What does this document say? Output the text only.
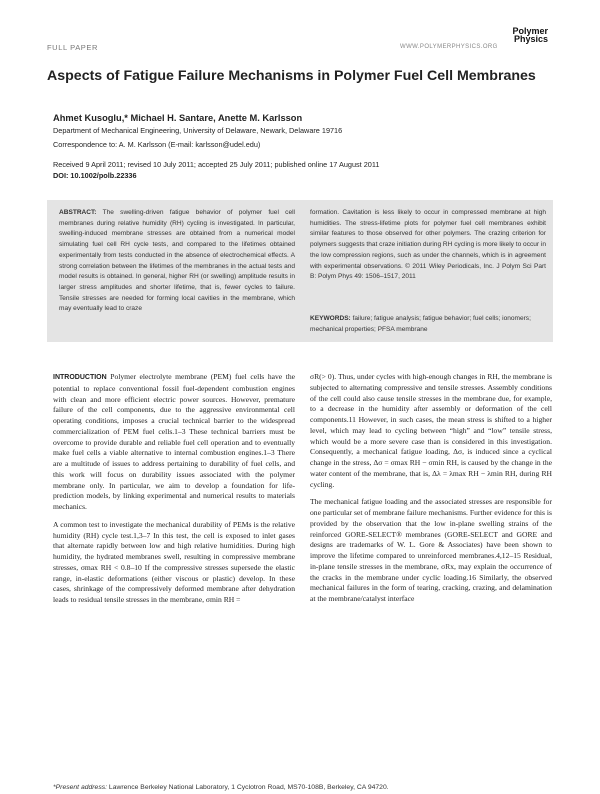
FULL PAPER	WWW.POLYMERPHYSICS.ORG
Polymer
Physics
Aspects of Fatigue Failure Mechanisms in Polymer Fuel Cell Membranes
Ahmet Kusoglu,* Michael H. Santare, Anette M. Karlsson
Department of Mechanical Engineering, University of Delaware, Newark, Delaware 19716
Correspondence to: A. M. Karlsson (E-mail: karlsson@udel.edu)
Received 9 April 2011; revised 10 July 2011; accepted 25 July 2011; published online 17 August 2011
DOI: 10.1002/polb.22336
ABSTRACT: The swelling-driven fatigue behavior of polymer fuel cell membranes during relative humidity (RH) cycling is investigated. In particular, swelling-induced membrane stresses are obtained from a numerical model simulating fuel cell RH cycle tests, and compared to the lifetimes obtained experimentally from tests conducted in the absence of electrochemical effects. A strong correlation between the lifetimes of the membranes in the actual tests and model results is obtained. In general, higher RH (or swelling) amplitude results in larger stress amplitudes and shorter lifetime, that is, fewer cycles to failure. Tensile stresses are needed for forming local cavities in the membrane, which may eventually lead to craze
formation. Cavitation is less likely to occur in compressed membrane at high humidities. The stress-lifetime plots for polymer fuel cell membranes exhibit similar features to those observed for other polymers. The crazing criterion for polymers suggests that craze initiation during RH cycling is more likely to occur in the low compression regions, such as under the channels, which is in agreement with experimental observations. © 2011 Wiley Periodicals, Inc. J Polym Sci Part B: Polym Phys 49: 1506–1517, 2011
KEYWORDS: failure; fatigue analysis; fatigue behavior; fuel cells; ionomers; mechanical properties; PFSA membrane

INTRODUCTION Polymer electrolyte membrane (PEM) fuel cells have the potential to replace conventional fossil fuel-dependent combustion engines with clean and more efficient electric power sources. However, premature failure of the cell components, due to the aggressive environmental cell operating conditions, imposes a crucial technical barrier to the widespread commercialization of PEM fuel cells.1–3 These technical barriers must be overcome to provide durable and reliable fuel cell operation and to eventually make fuel cells a viable alternative to internal combustion engines.1–3 There are a multitude of issues to address pertaining to durability of fuel cells, and this work will focus on durability issues associated with the polymer membrane only. In particular, we aim to develop a foundation for life-prediction models, by linking experimental and numerical results to materials mechanics.

A common test to investigate the mechanical durability of PEMs is the relative humidity (RH) cycle test.1,3–7 In this test, the cell is exposed to inlet gases that alternate rapidly between low and high relative humidities. During high humidity, the hydrated membranes swell, resulting in compressive membrane stresses, σmax RH < 0.8–10 If the compressive stresses supersede the elastic range, in-elastic deformations (either viscous or plastic) develop. In these cases, shrinkage of the compressively deformed membrane after dehydration leads to residual tensile stresses in the membrane, σmin RH =

σR(> 0). Thus, under cycles with high-enough changes in RH, the membrane is subjected to alternating compressive and tensile stresses. Assembly conditions of the cell could also cause tensile stresses in the membrane due, for example, to a decrease in the humidity after assembly or deformation of the cell components.11 However, in such cases, the mean stress is shifted to a higher level, which may lead to cycling between “high” and “low” tensile stress, which would be a more severe case than is considered in this investigation. Consequently, a mechanical fatigue loading, Δσ, is induced since a cyclical change in the stress, Δσ = σmax RH − σmin RH, is caused by the change in the water content of the membrane, that is, Δλ = λmax RH − λmin RH, during RH cycling.

The mechanical fatigue loading and the associated stresses are responsible for one particular set of membrane failure mechanisms. Further evidence for this is provided by the observation that the low in-plane swelling strains of the reinforced GORE-SELECT® membranes (GORE-SELECT and GORE and designs are trademarks of W. L. Gore & Associates) have been shown to improve the lifetime compared to unreinforced membranes.4,12–15 Residual, in-plane tensile stresses in the membrane, σRx, may explain the occurrence of the cracks in the membrane under cyclic loading.16 Similarly, the observed mechanical failures in the form of tearing, cracking, crazing, and delamination at the membrane/catalyst interface

*Present address: Lawrence Berkeley National Laboratory, 1 Cyclotron Road, MS70-108B, Berkeley, CA 94720.
